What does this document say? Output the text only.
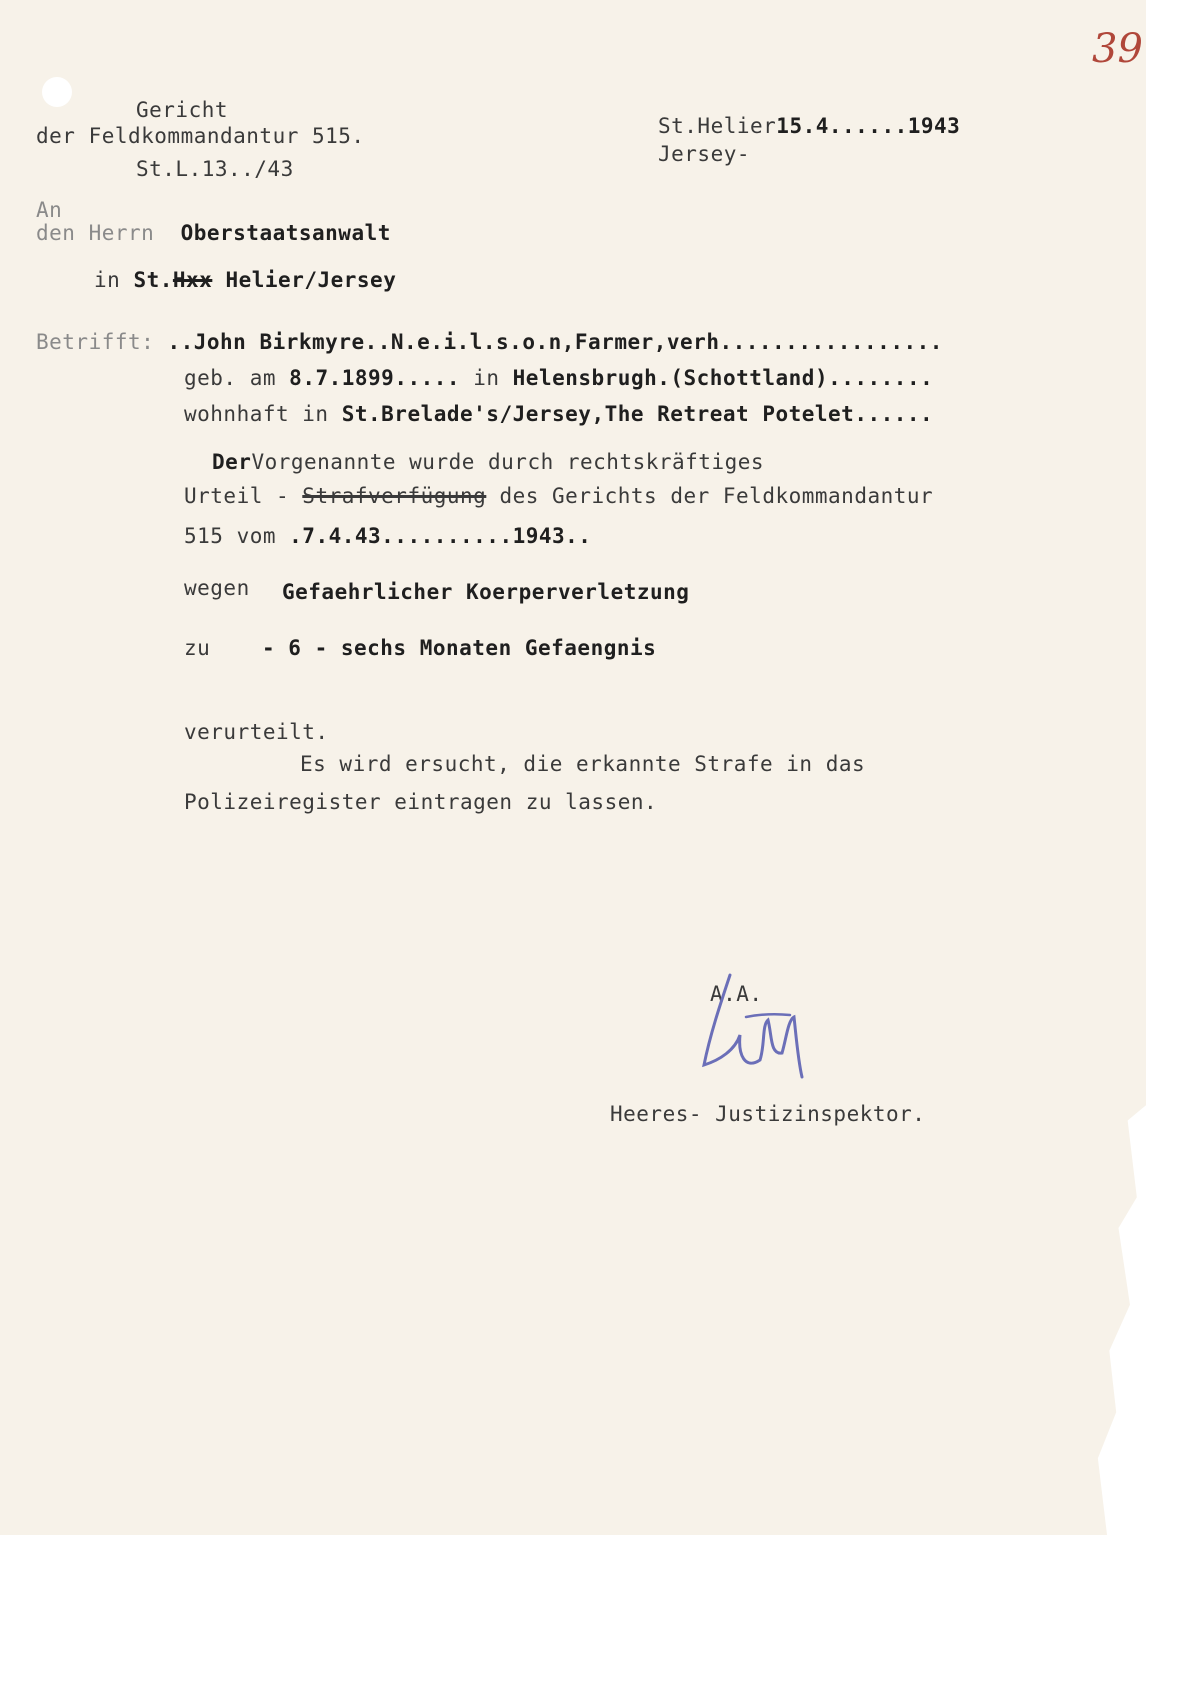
39
Gericht
der Feldkommandantur 515.
St.L.13../43
St.Helier15.4......1943
Jersey-
An
den Herrn Oberstaatsanwalt
in St.Hxx Helier/Jersey
Betrifft: ..John Birkmyre..N.e.i.l.s.o.n,Farmer,verh.................
geb. am 8.7.1899..... in Helensbrugh.(Schottland)........
wohnhaft in St.Brelade's/Jersey,The Retreat Potelet......
DerVorgenannte wurde durch rechtskräftiges
Urteil - Strafverfügung des Gerichts der Feldkommandantur
515 vom .7.4.43..........1943..
wegen Gefaehrlicher Koerperverletzung
zu - 6 - sechs Monaten Gefaengnis
verurteilt.
Es wird ersucht, die erkannte Strafe in das
Polizeiregister eintragen zu lassen.
A.A.
Heeres- Justizinspektor.
